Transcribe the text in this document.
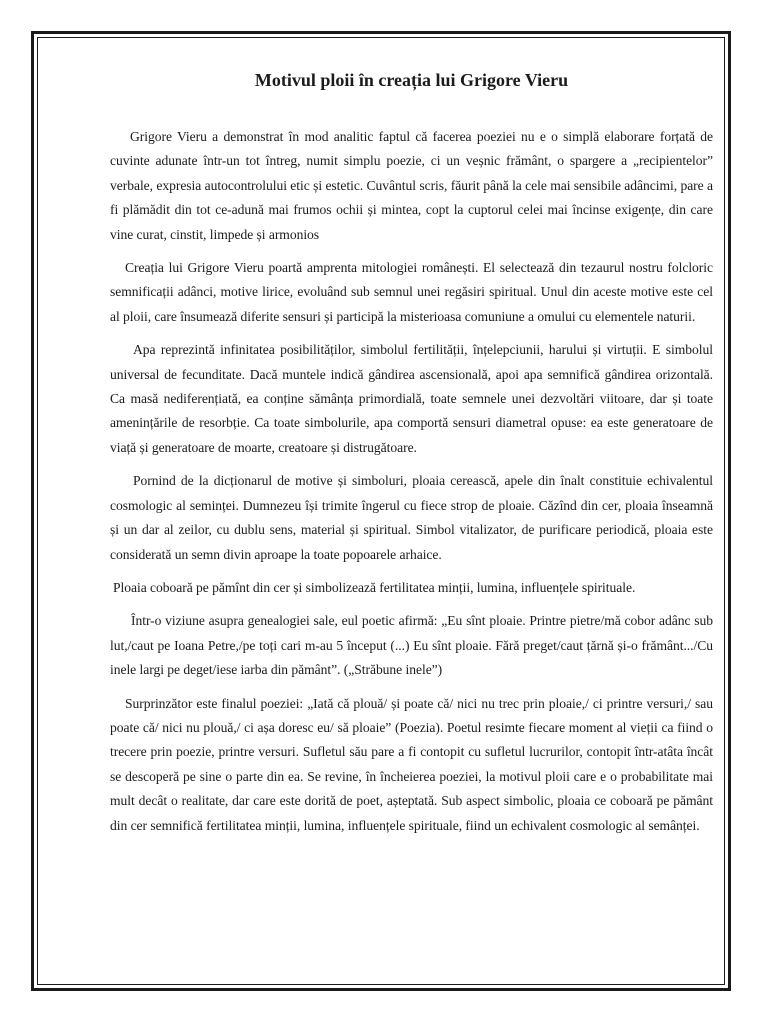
Motivul ploii în creația lui Grigore Vieru

Grigore Vieru a demonstrat în mod analitic faptul că facerea poeziei nu e o simplă elaborare forțată de cuvinte adunate într-un tot întreg, numit simplu poezie, ci un veșnic frământ, o spargere a „recipientelor” verbale, expresia autocontrolului etic și estetic. Cuvântul scris, făurit până la cele mai sensibile adâncimi, pare a fi plămădit din tot ce-adună mai frumos ochii și mintea, copt la cuptorul celei mai încinse exigențe, din care vine curat, cinstit, limpede și armonios

Creația lui Grigore Vieru poartă amprenta mitologiei românești. El selectează din tezaurul nostru folcloric semnificații adânci, motive lirice, evoluând sub semnul unei regăsiri spiritual. Unul din aceste motive este cel al ploii, care însumează diferite sensuri și participă la misterioasa comuniune a omului cu elementele naturii.

Apa reprezintă infinitatea posibilităților, simbolul fertilității, înțelepciunii, harului și virtuții. E simbolul universal de fecunditate. Dacă muntele indică gândirea ascensională, apoi apa semnifică gândirea orizontală. Ca masă nediferențiată, ea conține sămânța primordială, toate semnele unei dezvoltări viitoare, dar și toate amenințările de resorbție. Ca toate simbolurile, apa comportă sensuri diametral opuse: ea este generatoare de viață și generatoare de moarte, creatoare și distrugătoare.

Pornind de la dicționarul de motive și simboluri, ploaia cerească, apele din înalt constituie echivalentul cosmologic al seminței. Dumnezeu își trimite îngerul cu fiece strop de ploaie. Căzînd din cer, ploaia înseamnă și un dar al zeilor, cu dublu sens, material și spiritual. Simbol vitalizator, de purificare periodică, ploaia este considerată un semn divin aproape la toate popoarele arhaice.

Ploaia coboară pe pămînt din cer și simbolizează fertilitatea minții, lumina, influențele spirituale.

Într-o viziune asupra genealogiei sale, eul poetic afirmă: „Eu sînt ploaie. Printre pietre/mă cobor adânc sub lut,/caut pe Ioana Petre,/pe toți cari m-au 5 început (...) Eu sînt ploaie. Fără preget/caut țărnă și-o frământ.../Cu inele largi pe deget/iese iarba din pământ”. („Străbune inele”)

Surprinzător este finalul poeziei: „Iată că plouă/ și poate că/ nici nu trec prin ploaie,/ ci printre versuri,/ sau poate că/ nici nu plouă,/ ci așa doresc eu/ să ploaie” (Poezia). Poetul resimte fiecare moment al vieții ca fiind o trecere prin poezie, printre versuri. Sufletul său pare a fi contopit cu sufletul lucrurilor, contopit într-atâta încât se descoperă pe sine o parte din ea. Se revine, în încheierea poeziei, la motivul ploii care e o probabilitate mai mult decât o realitate, dar care este dorită de poet, așteptată. Sub aspect simbolic, ploaia ce coboară pe pământ din cer semnifică fertilitatea minții, lumina, influențele spirituale, fiind un echivalent cosmologic al semânței.
